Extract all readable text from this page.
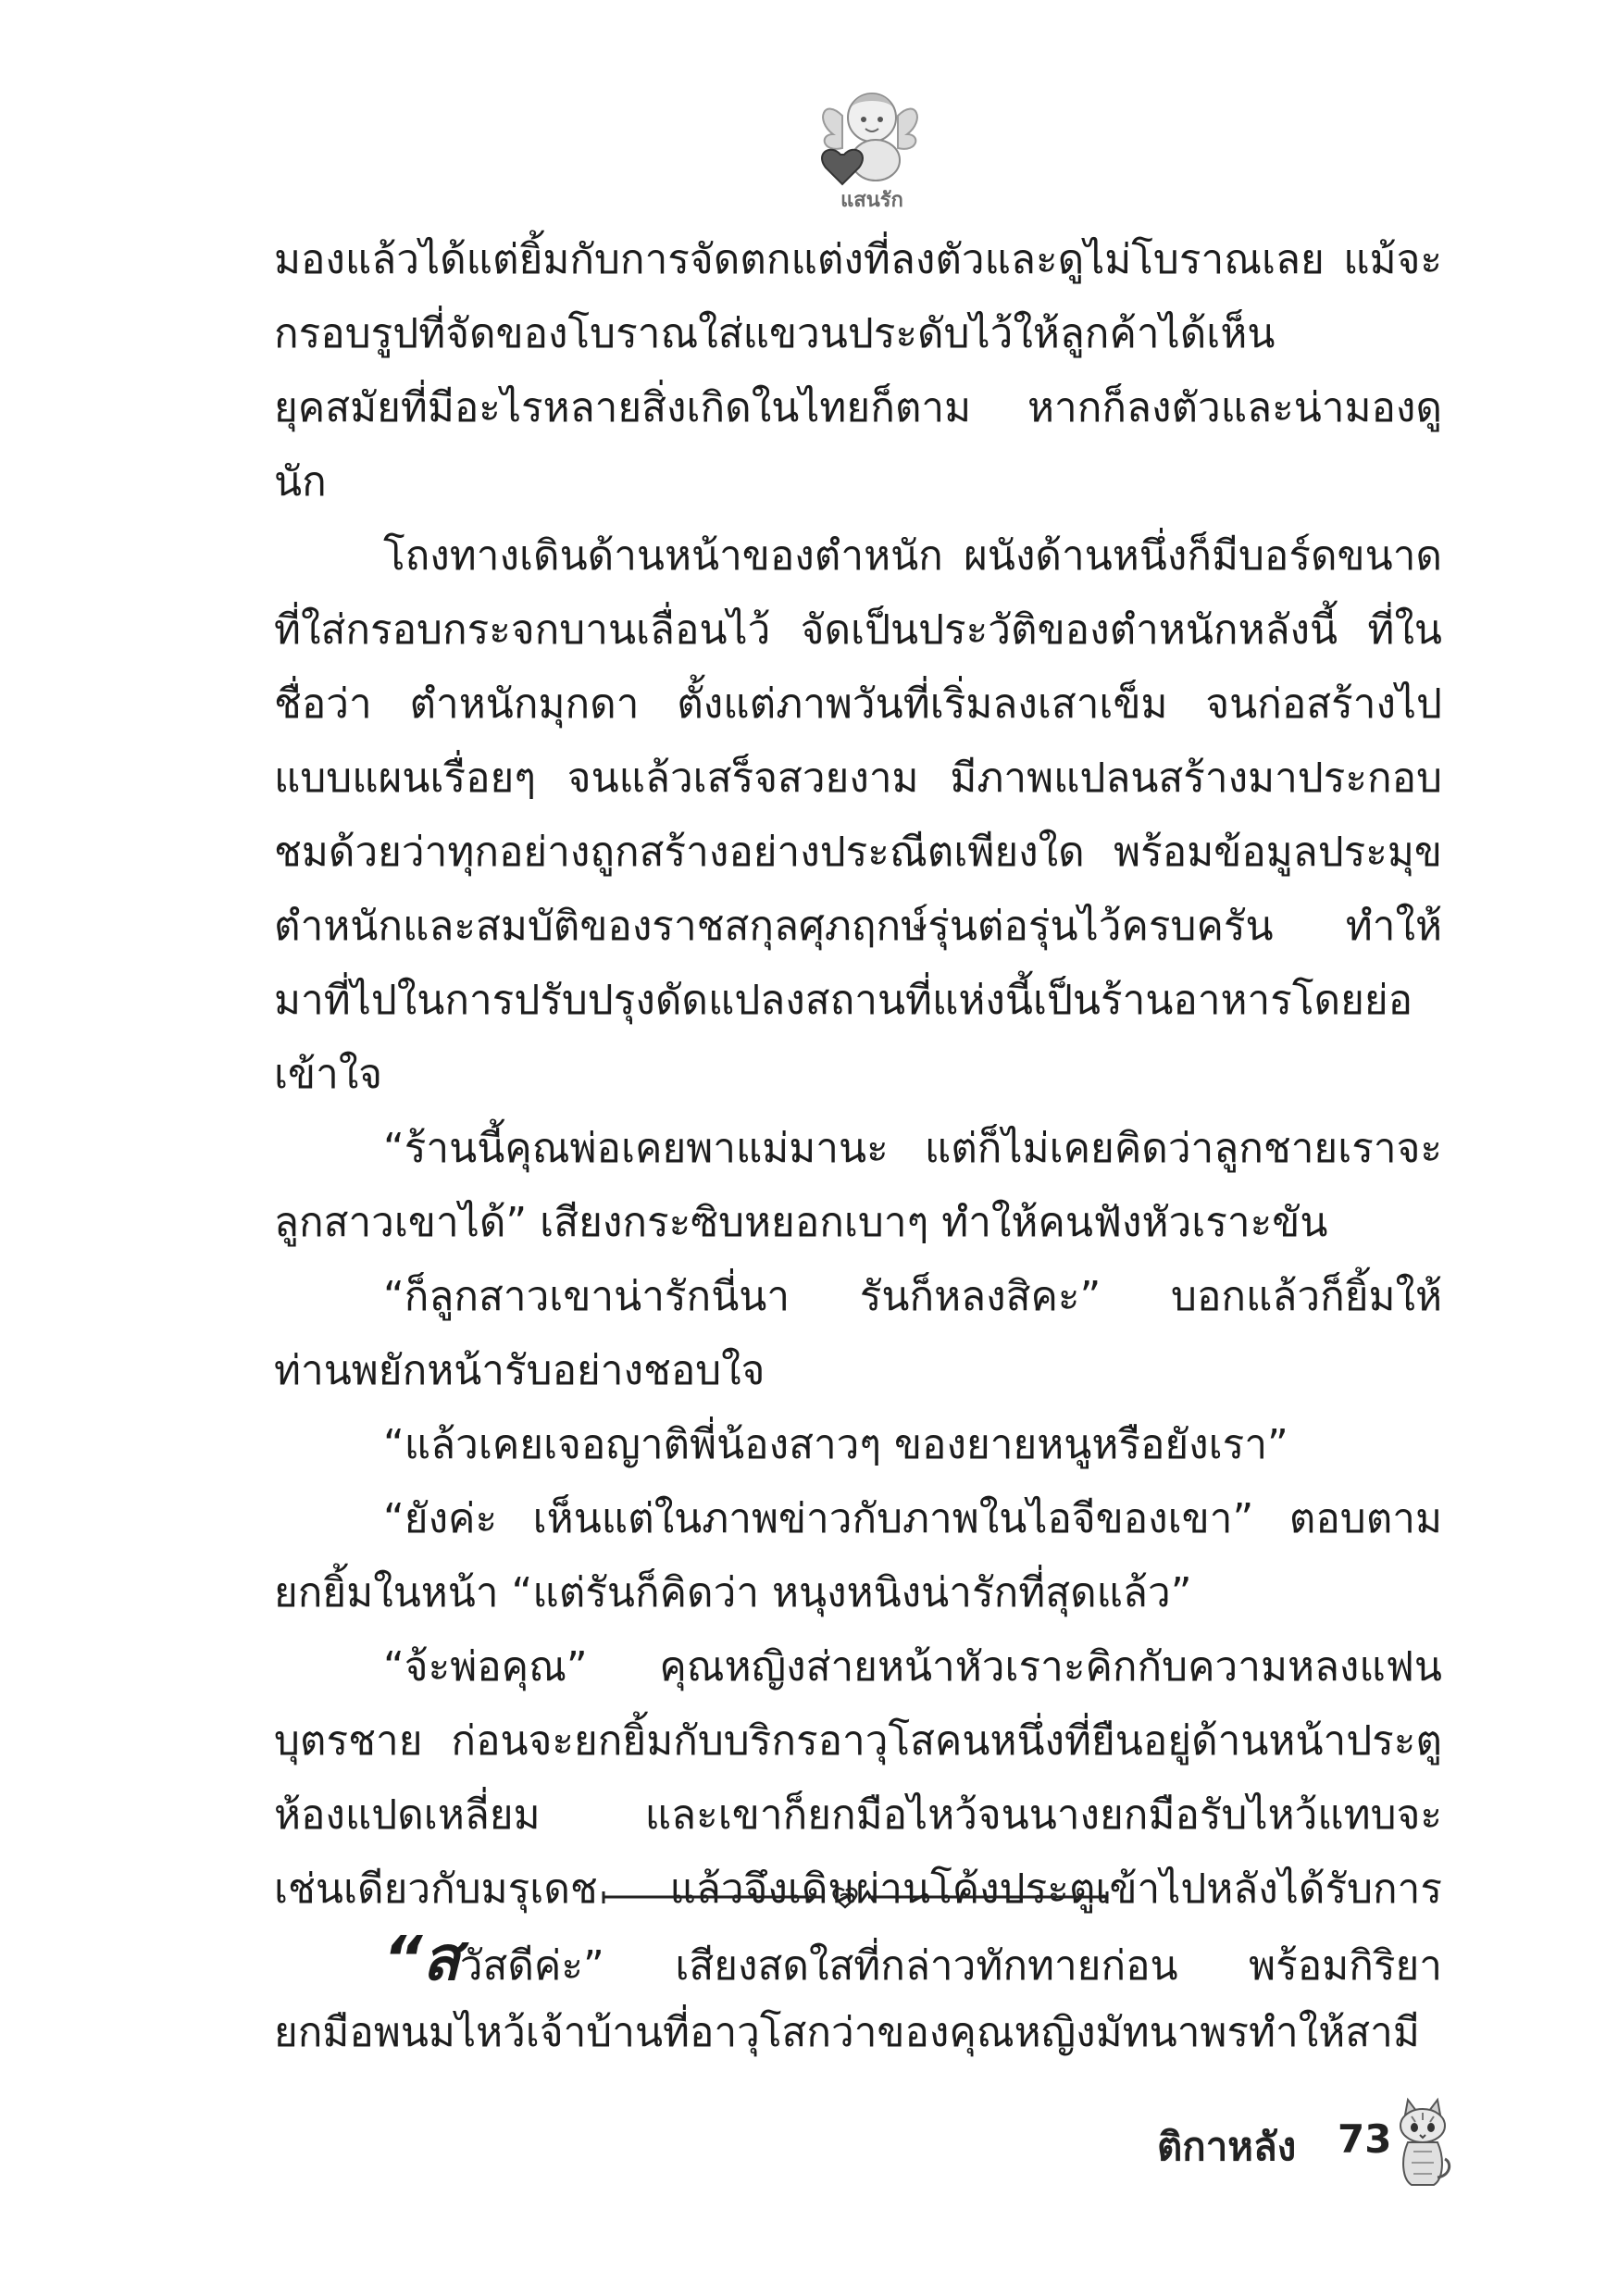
แสนรัก
มองแล้วได้แต่ยิ้มกับการจัดตกแต่งที่ลงตัวและดูไม่โบราณเลย แม้จะ
กรอบรูปที่จัดของโบราณใส่แขวนประดับไว้ให้ลูกค้าได้เห็น
ยุคสมัยที่มีอะไรหลายสิ่งเกิดในไทยก็ตาม หากก็ลงตัวและน่ามองดู
นัก
โถงทางเดินด้านหน้าของตำหนัก ผนังด้านหนึ่งก็มีบอร์ดขนาด
ที่ใส่กรอบกระจกบานเลื่อนไว้ จัดเป็นประวัติของตำหนักหลังนี้ ที่ใน
ชื่อว่า ตำหนักมุกดา ตั้งแต่ภาพวันที่เริ่มลงเสาเข็ม จนก่อสร้างไป
แบบแผนเรื่อยๆ จนแล้วเสร็จสวยงาม มีภาพแปลนสร้างมาประกอบ
ชมด้วยว่าทุกอย่างถูกสร้างอย่างประณีตเพียงใด พร้อมข้อมูลประมุข
ตำหนักและสมบัติของราชสกุลศุภฤกษ์รุ่นต่อรุ่นไว้ครบครัน ทำให้
มาที่ไปในการปรับปรุงดัดแปลงสถานที่แห่งนี้เป็นร้านอาหารโดยย่อ
เข้าใจ
“ร้านนี้คุณพ่อเคยพาแม่มานะ แต่ก็ไม่เคยคิดว่าลูกชายเราจะ
ลูกสาวเขาได้” เสียงกระซิบหยอกเบาๆ ทำให้คนฟังหัวเราะขัน
“ก็ลูกสาวเขาน่ารักนี่นา รันก็หลงสิคะ” บอกแล้วก็ยิ้มให้
ท่านพยักหน้ารับอย่างชอบใจ
“แล้วเคยเจอญาติพี่น้องสาวๆ ของยายหนูหรือยังเรา”
“ยังค่ะ เห็นแต่ในภาพข่าวกับภาพในไอจีของเขา” ตอบตาม
ยกยิ้มในหน้า “แต่รันก็คิดว่า หนุงหนิงน่ารักที่สุดแล้ว”
“จ้ะพ่อคุณ” คุณหญิงส่ายหน้าหัวเราะคิกกับความหลงแฟน
บุตรชาย ก่อนจะยกยิ้มกับบริกรอาวุโสคนหนึ่งที่ยืนอยู่ด้านหน้าประตู
ห้องแปดเหลี่ยม และเขาก็ยกมือไหว้จนนางยกมือรับไหว้แทบจะ
เช่นเดียวกับมรุเดช แล้วจึงเดินผ่านโค้งประตูเข้าไปหลังได้รับการ
“สวัสดีค่ะ” เสียงสดใสที่กล่าวทักทายก่อน พร้อมกิริยา
ยกมือพนมไหว้เจ้าบ้านที่อาวุโสกว่าของคุณหญิงมัทนาพรทำให้สามี
ติกาหลัง 73
